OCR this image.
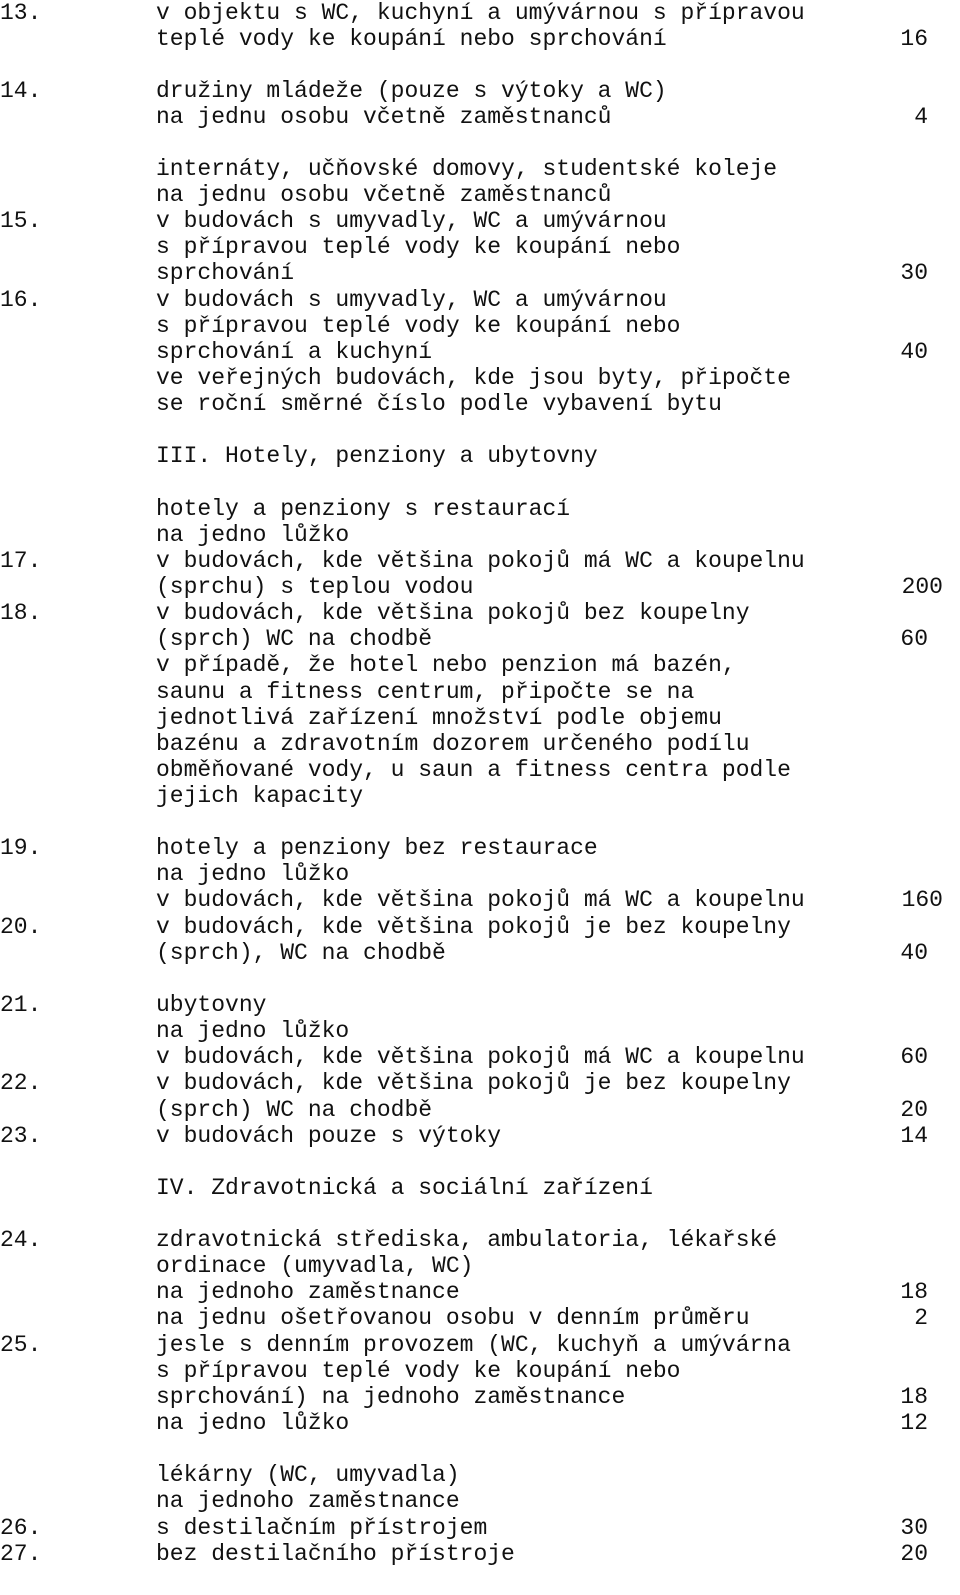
13.	v objektu s WC, kuchyní a umývárnou s přípravou
teplé vody ke koupání nebo sprchování	16
14.	družiny mládeže (pouze s výtoky a WC)
na jednu osobu včetně zaměstnanců	4
internáty, učňovské domovy, studentské koleje
na jednu osobu včetně zaměstnanců
15.	v budovách s umyvadly, WC a umývárnou
s přípravou teplé vody ke koupání nebo
sprchování	30
16.	v budovách s umyvadly, WC a umývárnou
s přípravou teplé vody ke koupání nebo
sprchování a kuchyní	40
ve veřejných budovách, kde jsou byty, připočte
se roční směrné číslo podle vybavení bytu
III. Hotely, penziony a ubytovny
hotely a penziony s restaurací
na jedno lůžko
17.	v budovách, kde většina pokojů má WC a koupelnu
(sprchu) s teplou vodou	200
18.	v budovách, kde většina pokojů bez koupelny
(sprch) WC na chodbě	60
v případě, že hotel nebo penzion má bazén,
saunu a fitness centrum, připočte se na
jednotlivá zařízení množství podle objemu
bazénu a zdravotním dozorem určeného podílu
obměňované vody, u saun a fitness centra podle
jejich kapacity
19.	hotely a penziony bez restaurace
na jedno lůžko
v budovách, kde většina pokojů má WC a koupelnu	160
20.	v budovách, kde většina pokojů je bez koupelny
(sprch), WC na chodbě	40
21.	ubytovny
na jedno lůžko
v budovách, kde většina pokojů má WC a koupelnu	60
22.	v budovách, kde většina pokojů je bez koupelny
(sprch) WC na chodbě	20
23.	v budovách pouze s výtoky	14
IV. Zdravotnická a sociální zařízení
24.	zdravotnická střediska, ambulatoria, lékařské
ordinace (umyvadla, WC)
na jednoho zaměstnance	18
na jednu ošetřovanou osobu v denním průměru	2
25.	jesle s denním provozem (WC, kuchyň a umývárna
s přípravou teplé vody ke koupání nebo
sprchování) na jednoho zaměstnance	18
na jedno lůžko	12
lékárny (WC, umyvadla)
na jednoho zaměstnance
26.	s destilačním přístrojem	30
27.	bez destilačního přístroje	20
